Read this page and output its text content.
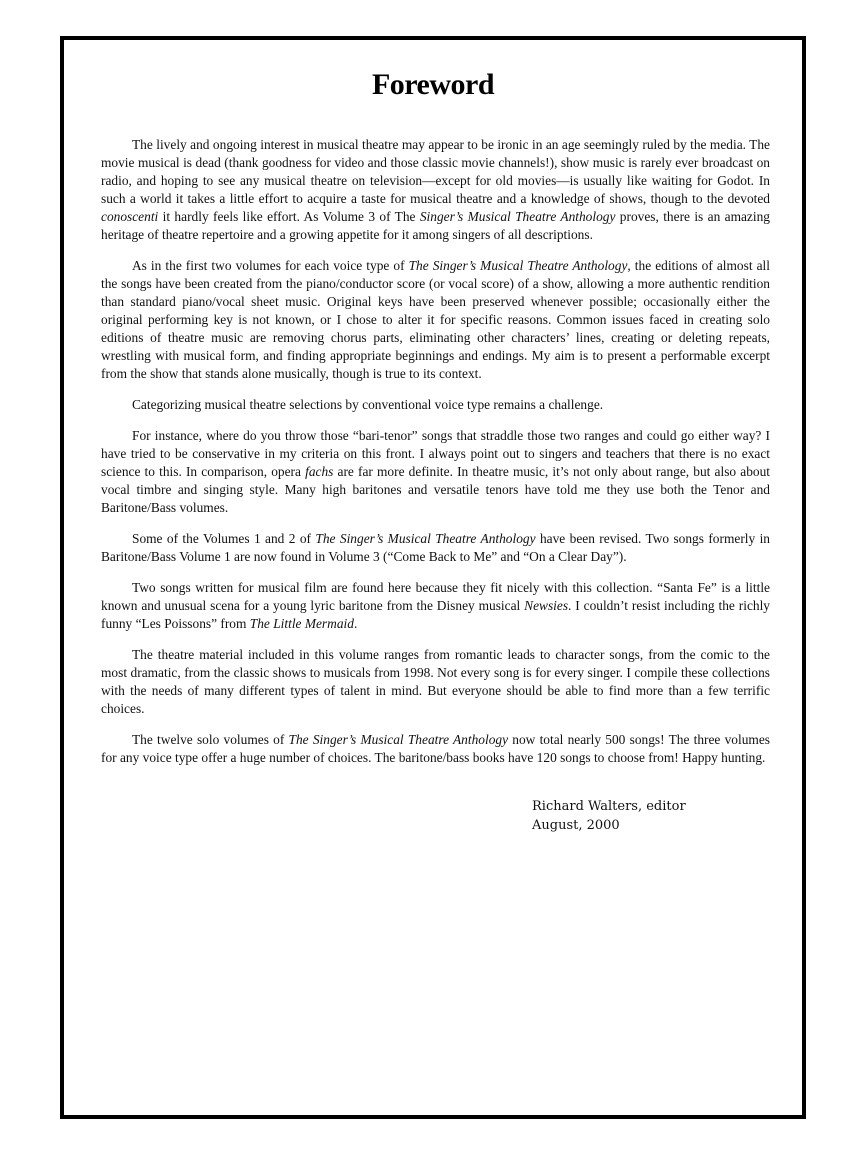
Foreword

The lively and ongoing interest in musical theatre may appear to be ironic in an age seemingly ruled by the media. The movie musical is dead (thank goodness for video and those classic movie channels!), show music is rarely ever broadcast on radio, and hoping to see any musical theatre on television—except for old movies—is usually like waiting for Godot. In such a world it takes a little effort to acquire a taste for musical theatre and a knowledge of shows, though to the devoted conoscenti it hardly feels like effort. As Volume 3 of The Singer’s Musical Theatre Anthology proves, there is an amazing heritage of theatre repertoire and a growing appetite for it among singers of all descriptions.

As in the first two volumes for each voice type of The Singer’s Musical Theatre Anthology, the editions of almost all the songs have been created from the piano/conductor score (or vocal score) of a show, allowing a more authentic rendition than standard piano/vocal sheet music. Original keys have been preserved whenever possible; occasionally either the original performing key is not known, or I chose to alter it for specific reasons. Common issues faced in creating solo editions of theatre music are removing chorus parts, eliminating other characters’ lines, creating or deleting repeats, wrestling with musical form, and finding appropriate beginnings and endings. My aim is to present a performable excerpt from the show that stands alone musically, though is true to its context.

Categorizing musical theatre selections by conventional voice type remains a challenge.

For instance, where do you throw those “bari-tenor” songs that straddle those two ranges and could go either way? I have tried to be conservative in my criteria on this front. I always point out to singers and teachers that there is no exact science to this. In comparison, opera fachs are far more definite. In theatre music, it’s not only about range, but also about vocal timbre and singing style. Many high baritones and versatile tenors have told me they use both the Tenor and Baritone/Bass volumes.

Some of the Volumes 1 and 2 of The Singer’s Musical Theatre Anthology have been revised. Two songs formerly in Baritone/Bass Volume 1 are now found in Volume 3 (“Come Back to Me” and “On a Clear Day”).

Two songs written for musical film are found here because they fit nicely with this collection. “Santa Fe” is a little known and unusual scena for a young lyric baritone from the Disney musical Newsies. I couldn’t resist including the richly funny “Les Poissons” from The Little Mermaid.

The theatre material included in this volume ranges from romantic leads to character songs, from the comic to the most dramatic, from the classic shows to musicals from 1998. Not every song is for every singer. I compile these collections with the needs of many different types of talent in mind. But everyone should be able to find more than a few terrific choices.

The twelve solo volumes of The Singer’s Musical Theatre Anthology now total nearly 500 songs! The three volumes for any voice type offer a huge number of choices. The baritone/bass books have 120 songs to choose from! Happy hunting.

Richard Walters, editor
August, 2000
